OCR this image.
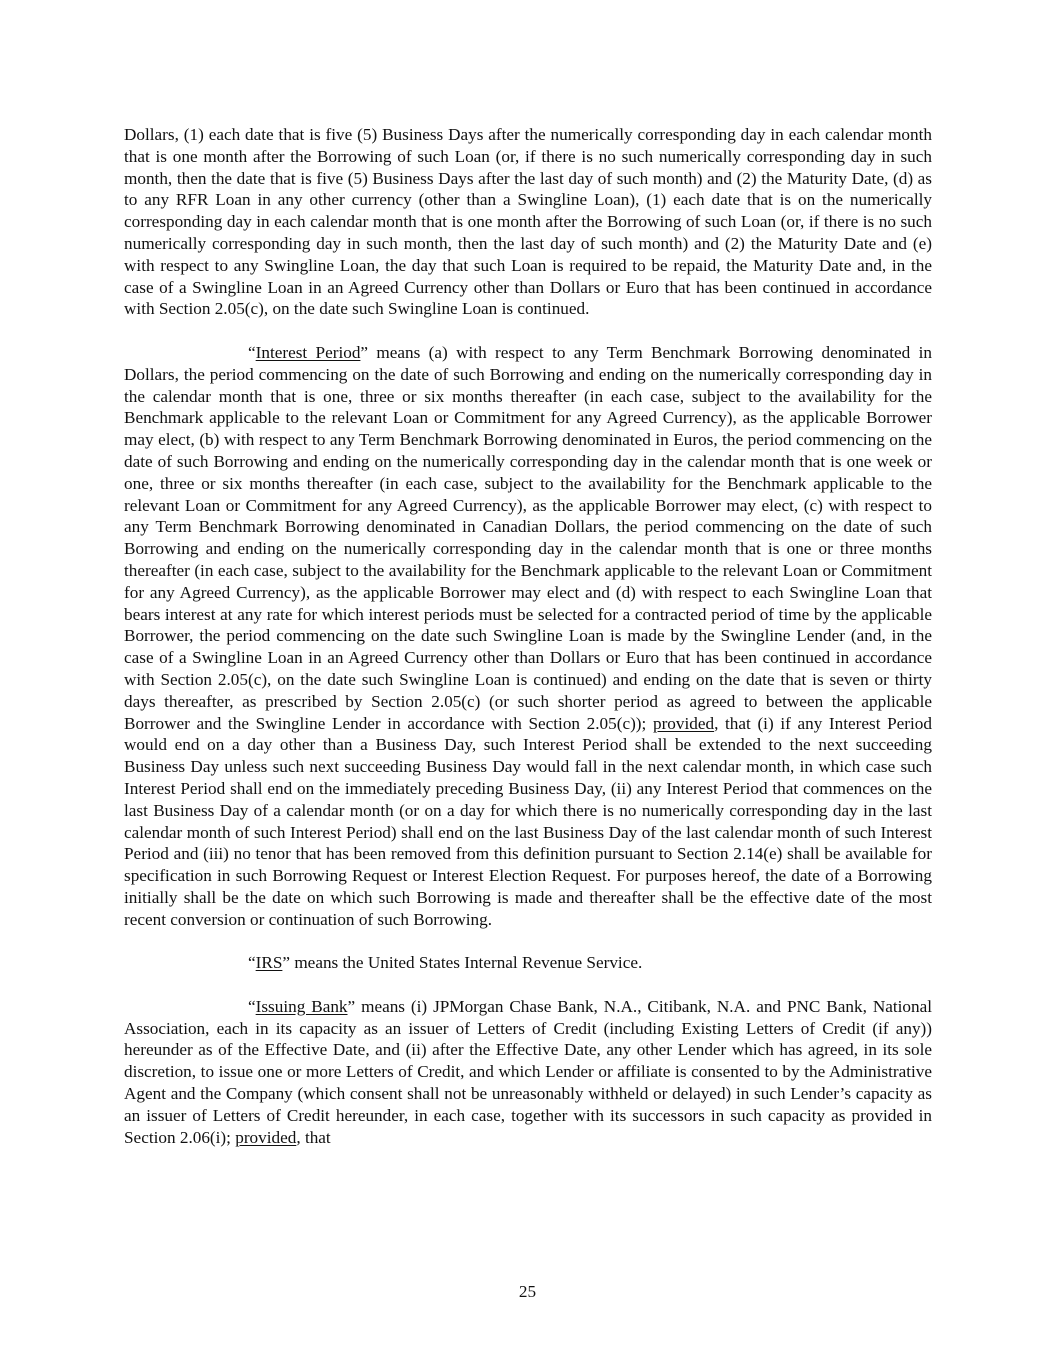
Dollars, (1) each date that is five (5) Business Days after the numerically corresponding day in each calendar month that is one month after the Borrowing of such Loan (or, if there is no such numerically corresponding day in such month, then the date that is five (5) Business Days after the last day of such month) and (2) the Maturity Date, (d) as to any RFR Loan in any other currency (other than a Swingline Loan), (1) each date that is on the numerically corresponding day in each calendar month that is one month after the Borrowing of such Loan (or, if there is no such numerically corresponding day in such month, then the last day of such month) and (2) the Maturity Date and (e) with respect to any Swingline Loan, the day that such Loan is required to be repaid, the Maturity Date and, in the case of a Swingline Loan in an Agreed Currency other than Dollars or Euro that has been continued in accordance with Section 2.05(c), on the date such Swingline Loan is continued.

“Interest Period” means (a) with respect to any Term Benchmark Borrowing denominated in Dollars, the period commencing on the date of such Borrowing and ending on the numerically corresponding day in the calendar month that is one, three or six months thereafter (in each case, subject to the availability for the Benchmark applicable to the relevant Loan or Commitment for any Agreed Currency), as the applicable Borrower may elect, (b) with respect to any Term Benchmark Borrowing denominated in Euros, the period commencing on the date of such Borrowing and ending on the numerically corresponding day in the calendar month that is one week or one, three or six months thereafter (in each case, subject to the availability for the Benchmark applicable to the relevant Loan or Commitment for any Agreed Currency), as the applicable Borrower may elect, (c) with respect to any Term Benchmark Borrowing denominated in Canadian Dollars, the period commencing on the date of such Borrowing and ending on the numerically corresponding day in the calendar month that is one or three months thereafter (in each case, subject to the availability for the Benchmark applicable to the relevant Loan or Commitment for any Agreed Currency), as the applicable Borrower may elect and (d) with respect to each Swingline Loan that bears interest at any rate for which interest periods must be selected for a contracted period of time by the applicable Borrower, the period commencing on the date such Swingline Loan is made by the Swingline Lender (and, in the case of a Swingline Loan in an Agreed Currency other than Dollars or Euro that has been continued in accordance with Section 2.05(c), on the date such Swingline Loan is continued) and ending on the date that is seven or thirty days thereafter, as prescribed by Section 2.05(c) (or such shorter period as agreed to between the applicable Borrower and the Swingline Lender in accordance with Section 2.05(c)); provided, that (i) if any Interest Period would end on a day other than a Business Day, such Interest Period shall be extended to the next succeeding Business Day unless such next succeeding Business Day would fall in the next calendar month, in which case such Interest Period shall end on the immediately preceding Business Day, (ii) any Interest Period that commences on the last Business Day of a calendar month (or on a day for which there is no numerically corresponding day in the last calendar month of such Interest Period) shall end on the last Business Day of the last calendar month of such Interest Period and (iii) no tenor that has been removed from this definition pursuant to Section 2.14(e) shall be available for specification in such Borrowing Request or Interest Election Request. For purposes hereof, the date of a Borrowing initially shall be the date on which such Borrowing is made and thereafter shall be the effective date of the most recent conversion or continuation of such Borrowing.

“IRS” means the United States Internal Revenue Service.

“Issuing Bank” means (i) JPMorgan Chase Bank, N.A., Citibank, N.A. and PNC Bank, National Association, each in its capacity as an issuer of Letters of Credit (including Existing Letters of Credit (if any)) hereunder as of the Effective Date, and (ii) after the Effective Date, any other Lender which has agreed, in its sole discretion, to issue one or more Letters of Credit, and which Lender or affiliate is consented to by the Administrative Agent and the Company (which consent shall not be unreasonably withheld or delayed) in such Lender’s capacity as an issuer of Letters of Credit hereunder, in each case, together with its successors in such capacity as provided in Section 2.06(i); provided, that

25
